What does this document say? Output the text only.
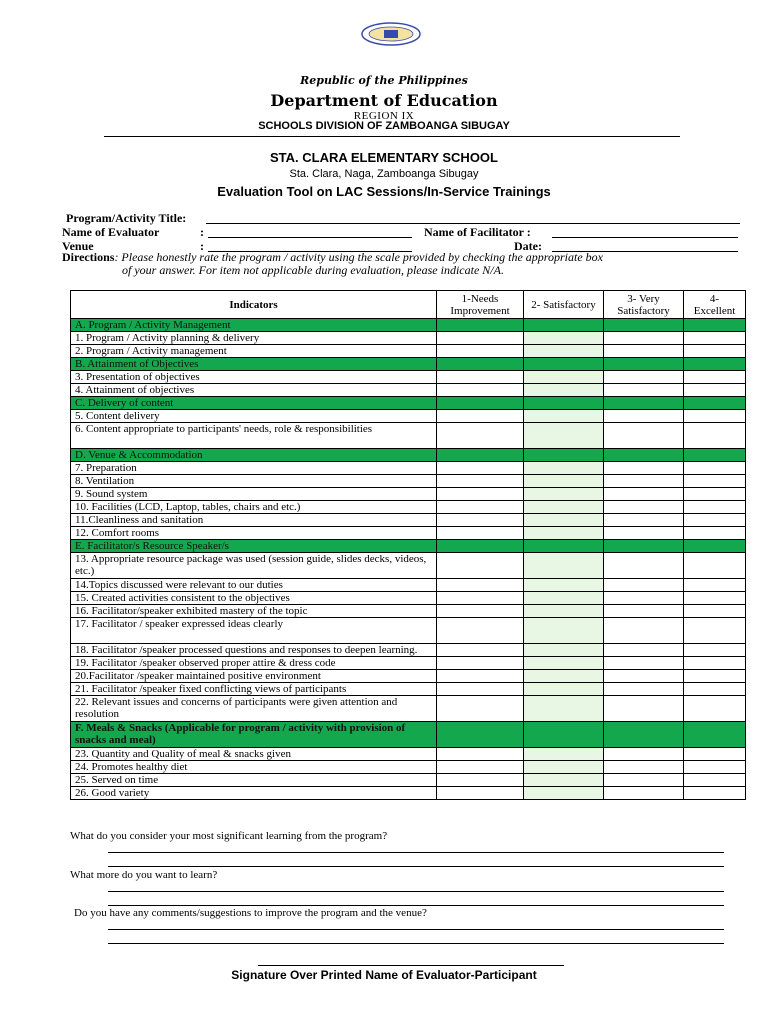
Republic of the Philippines
Department of Education
REGION IX
SCHOOLS DIVISION OF ZAMBOANGA SIBUGAY
STA. CLARA ELEMENTARY SCHOOL
Sta. Clara, Naga, Zamboanga Sibugay
Evaluation Tool on LAC Sessions/In-Service Trainings
Program/Activity Title:
Name of Evaluator	:	Name of Facilitator :
Venue	:	Date:
Directions: Please honestly rate the program / activity using the scale provided by checking the appropriate box
of your answer. For item not applicable during evaluation, please indicate N/A.
Indicators	1-Needs Improvement	2- Satisfactory	3- Very Satisfactory	4- Excellent
A. Program / Activity Management				
1. Program / Activity planning & delivery				
2. Program / Activity management				
B. Attainment of Objectives				
3. Presentation of objectives				
4. Attainment of objectives				
C. Delivery of content				
5. Content delivery				
6. Content appropriate to participants' needs, role & responsibilities				
D. Venue & Accommodation				
7. Preparation				
8. Ventilation				
9. Sound system				
10. Facilities (LCD, Laptop, tables, chairs and etc.)				
11.Cleanliness and sanitation				
12. Comfort rooms				
E. Facilitator/s Resource Speaker/s				
13. Appropriate resource package was used (session guide, slides decks, videos, etc.)				
14.Topics discussed were relevant to our duties				
15. Created activities consistent to the objectives				
16. Facilitator/speaker exhibited mastery of the topic				
17. Facilitator / speaker expressed ideas clearly				
18. Facilitator /speaker processed questions and responses to deepen learning.				
19. Facilitator /speaker observed proper attire & dress code				
20.Facilitator /speaker maintained positive environment				
21. Facilitator /speaker fixed conflicting views of participants				
22. Relevant issues and concerns of participants were given attention and resolution				
F. Meals & Snacks (Applicable for program / activity with provision of snacks and meal)				
23. Quantity and Quality of meal & snacks given				
24. Promotes healthy diet				
25. Served on time				
26. Good variety				
What do you consider your most significant learning from the program?
What more do you want to learn?
Do you have any comments/suggestions to improve the program and the venue?
Signature Over Printed Name of Evaluator-Participant
